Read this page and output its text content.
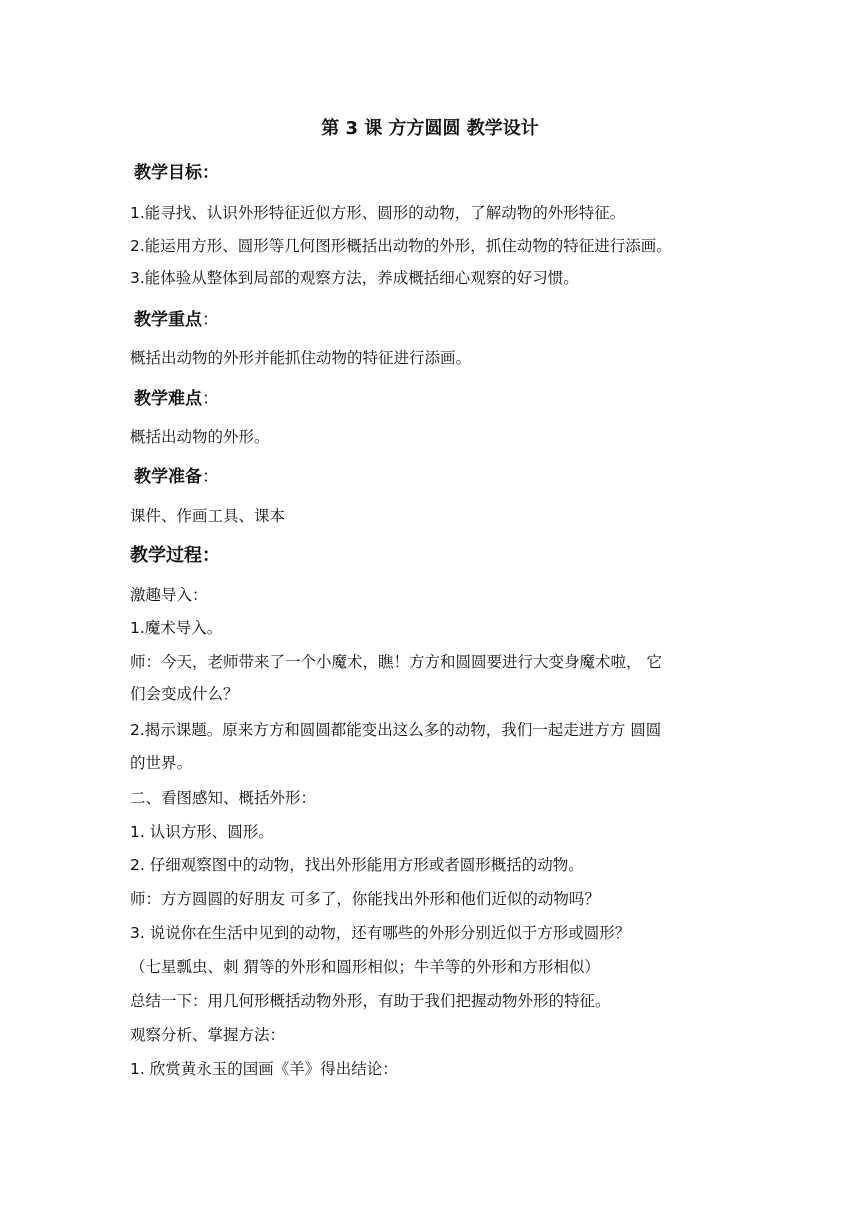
第 3 课 方方圆圆 教学设计
教学目标：
1.能寻找、认识外形特征近似方形、圆形的动物，了解动物的外形特征。
2.能运用方形、圆形等几何图形概括出动物的外形，抓住动物的特征进行添画。
3.能体验从整体到局部的观察方法，养成概括细心观察的好习惯。
教学重点：
概括出动物的外形并能抓住动物的特征进行添画。
教学难点：
概括出动物的外形。
教学准备：
课件、作画工具、课本
教学过程：
激趣导入：
1.魔术导入。
师：今天，老师带来了一个小魔术，瞧！方方和圆圆要进行大变身魔术啦， 它
们会变成什么？
2.揭示课题。原来方方和圆圆都能变出这么多的动物，我们一起走进方方 圆圆
的世界。
二、看图感知、概括外形：
1. 认识方形、圆形。
2. 仔细观察图中的动物，找出外形能用方形或者圆形概括的动物。
师：方方圆圆的好朋友 可多了，你能找出外形和他们近似的动物吗？
3. 说说你在生活中见到的动物，还有哪些的外形分别近似于方形或圆形？
（七星瓢虫、刺 猬等的外形和圆形相似；牛羊等的外形和方形相似）
总结一下：用几何形概括动物外形，有助于我们把握动物外形的特征。
观察分析、掌握方法：
1. 欣赏黄永玉的国画《羊》得出结论：
